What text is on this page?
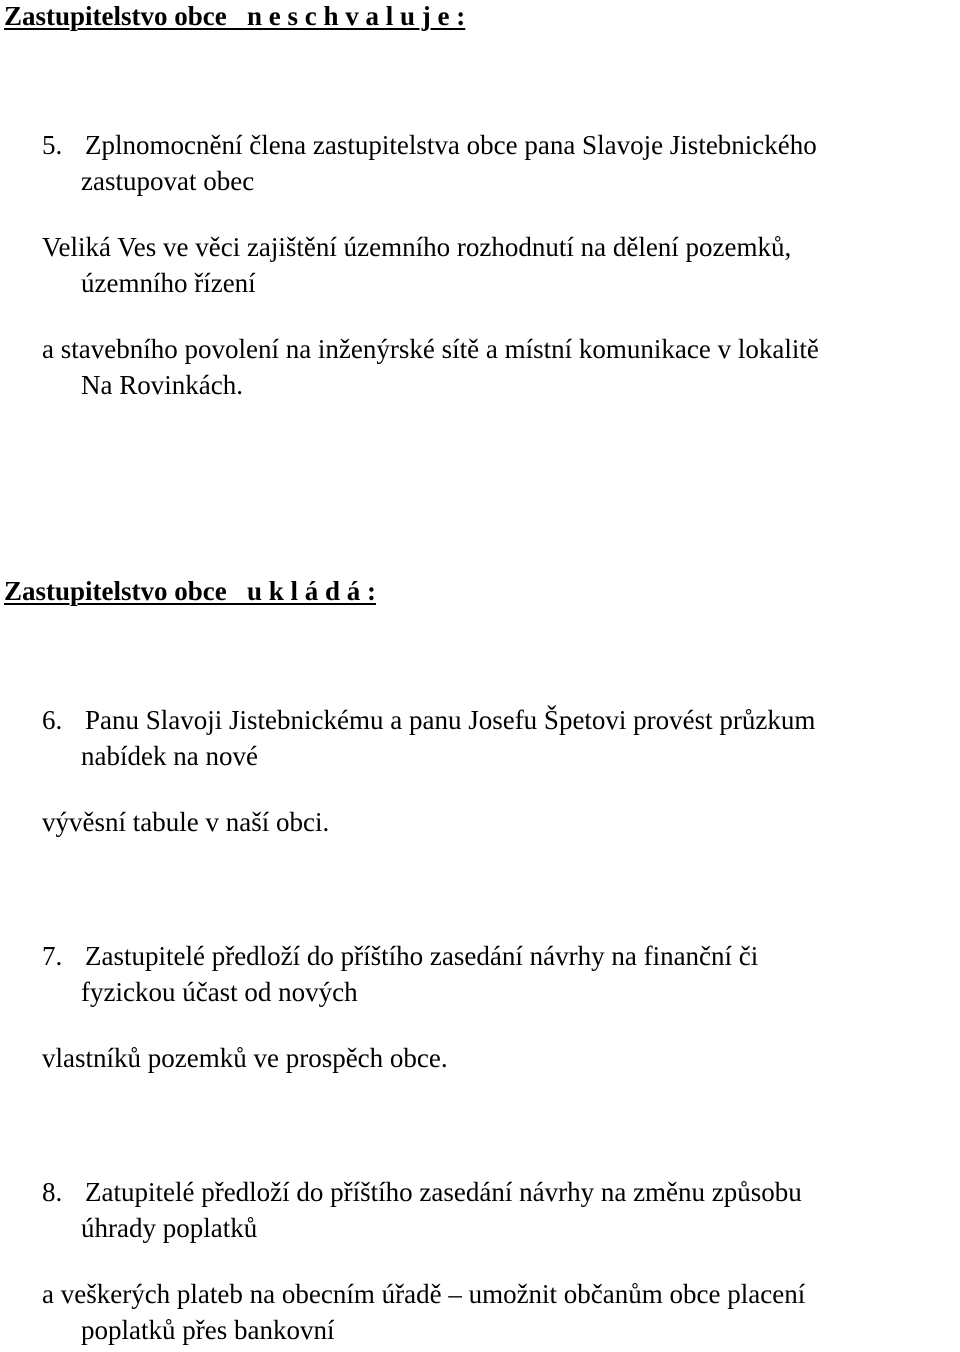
Zastupitelstvo obce   n e s c h v a l u j e :
5. Zplnomocnění člena zastupitelstva obce pana Slavoje Jistebnického
zastupovat obec
Veliká Ves ve věci zajištění územního rozhodnutí na dělení pozemků,
územního řízení
a stavebního povolení na inženýrské sítě a místní komunikace v lokalitě
Na Rovinkách.
Zastupitelstvo obce   u k l á d á :
6. Panu Slavoji Jistebnickému a panu Josefu Špetovi provést průzkum
nabídek na nové
vývěsní tabule v naší obci.
7. Zastupitelé předloží do příštího zasedání návrhy na finanční či
fyzickou účast od nových
vlastníků pozemků ve prospěch obce.
8. Zatupitelé předloží do příštího zasedání návrhy na změnu způsobu
úhrady poplatků
a veškerých plateb na obecním úřadě – umožnit občanům obce placení
poplatků přes bankovní
